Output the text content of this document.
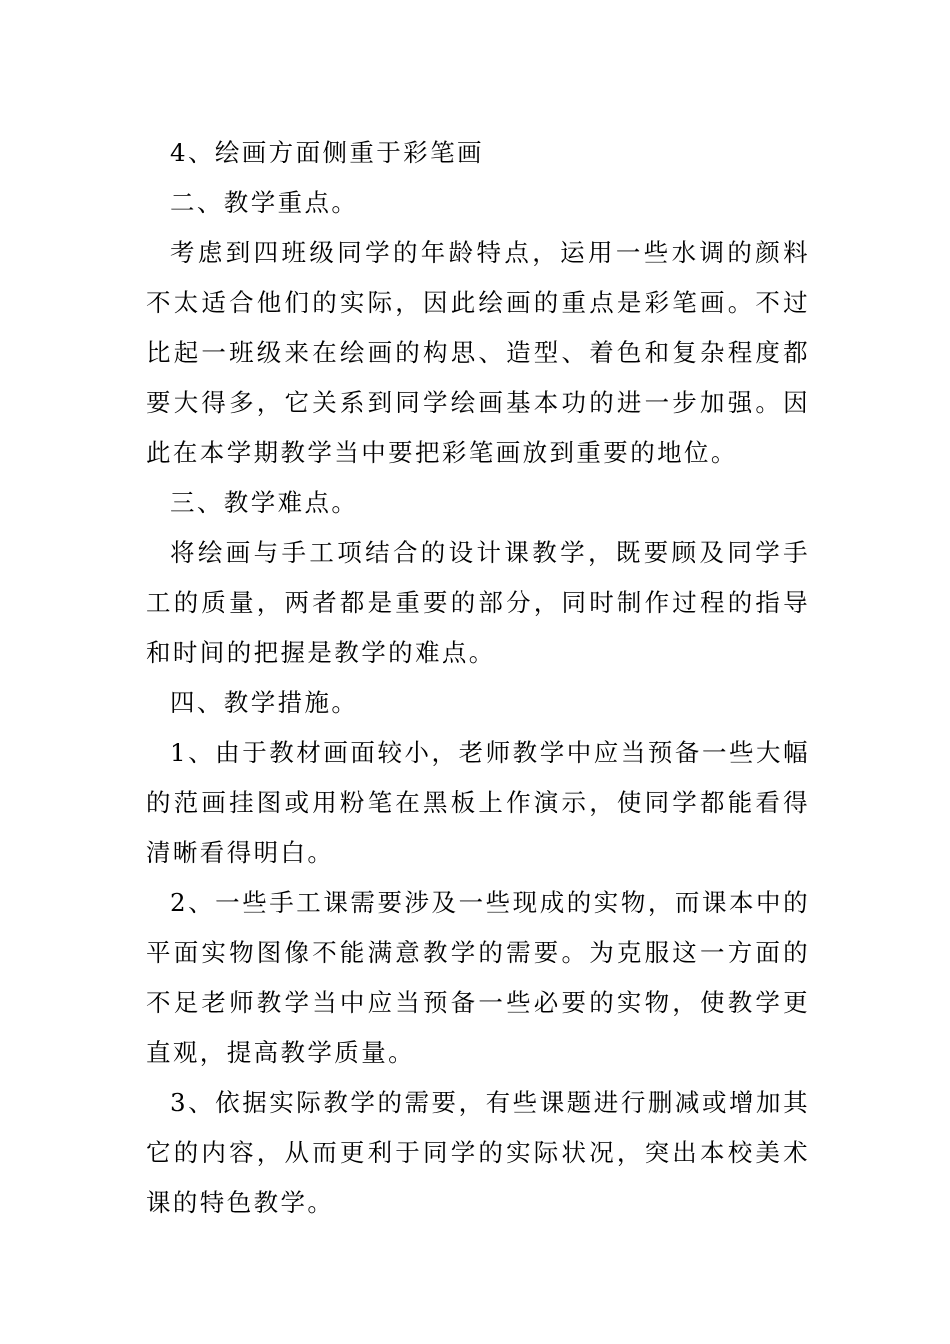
4、绘画方面侧重于彩笔画

二、教学重点。

考虑到四班级同学的年龄特点，运用一些水调的颜料不太适合他们的实际，因此绘画的重点是彩笔画。不过比起一班级来在绘画的构思、造型、着色和复杂程度都要大得多，它关系到同学绘画基本功的进一步加强。因此在本学期教学当中要把彩笔画放到重要的地位。

三、教学难点。

将绘画与手工项结合的设计课教学，既要顾及同学手工的质量，两者都是重要的部分，同时制作过程的指导和时间的把握是教学的难点。

四、教学措施。

1、由于教材画面较小，老师教学中应当预备一些大幅的范画挂图或用粉笔在黑板上作演示，使同学都能看得清晰看得明白。

2、一些手工课需要涉及一些现成的实物，而课本中的平面实物图像不能满意教学的需要。为克服这一方面的不足老师教学当中应当预备一些必要的实物，使教学更直观，提高教学质量。

3、依据实际教学的需要，有些课题进行删减或增加其它的内容，从而更利于同学的实际状况，突出本校美术课的特色教学。
